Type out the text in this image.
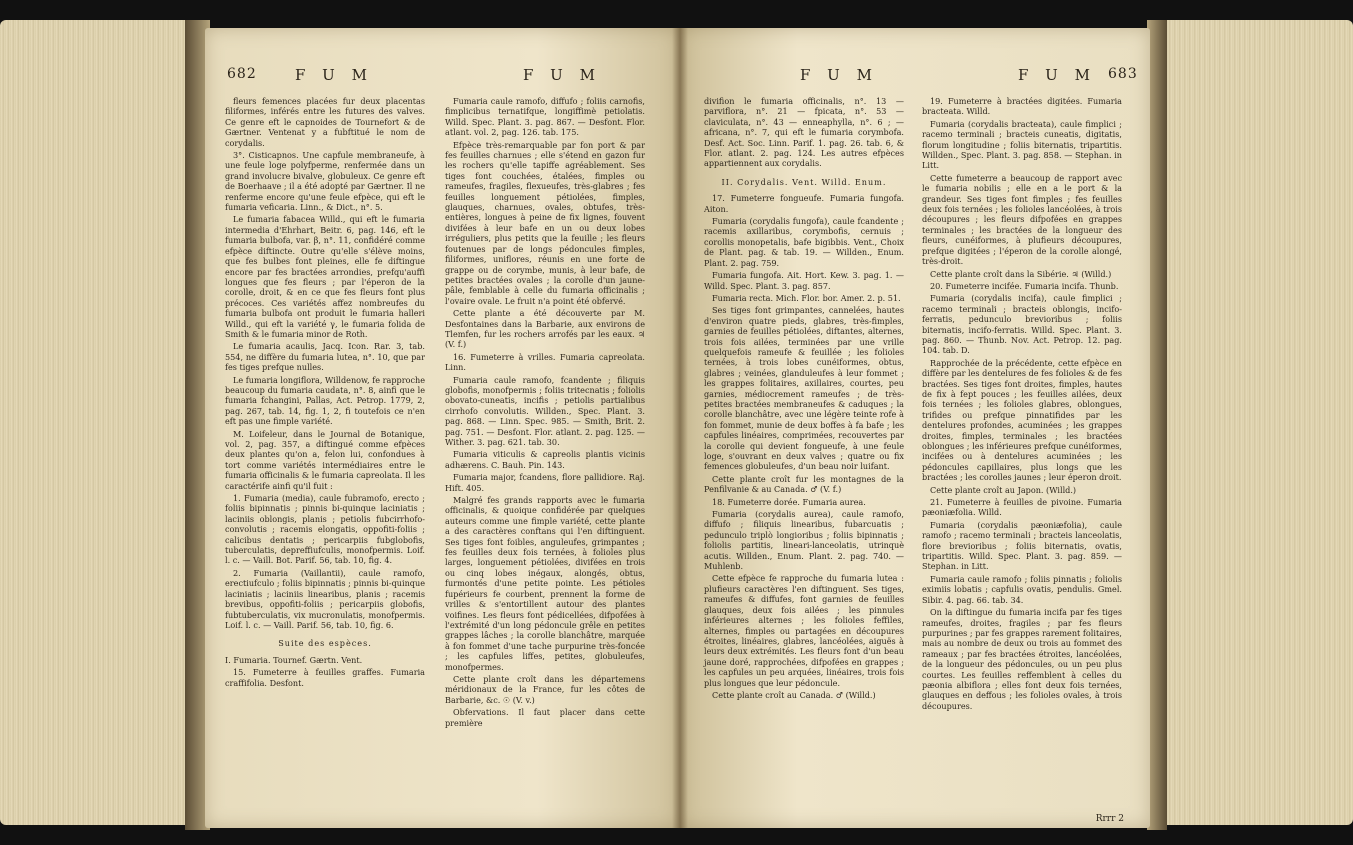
682	F U M	F U M

fleurs femences placées fur deux placentas filiformes, inférés entre les futures des valves. Ce genre eft le capnoides de Tournefort & de Gærtner. Ventenat y a fubftitué le nom de corydalis.

3°. Cisticapnos. Une capfule membraneufe, à une feule loge polyfperme, renfermée dans un grand involucre bivalve, globuleux. Ce genre eft de Boerhaave ; il a été adopté par Gærtner. Il ne renferme encore qu'une feule efpèce, qui eft le fumaria veficaria. Linn., & Dict., n°. 5.

Le fumaria fabacea Willd., qui eft le fumaria intermedia d'Ehrhart, Beitr. 6, pag. 146, eft le fumaria bulbofa, var. β, n°. 11, confidéré comme efpèce diftincte. Outre qu'elle s'élève moins, que fes bulbes font pleines, elle fe diftingue encore par fes bractées arrondies, prefqu'auffi longues que fes fleurs ; par l'éperon de la corolle, droit, & en ce que fes fleurs font plus précoces. Ces variétés affez nombreufes du fumaria bulbofa ont produit le fumaria halleri Willd., qui eft la variété γ, le fumaria folida de Smith & le fumaria minor de Roth.

Le fumaria acaulis, Jacq. Icon. Rar. 3, tab. 554, ne diffère du fumaria lutea, n°. 10, que par fes tiges prefque nulles.

Le fumaria longiflora, Willdenow, fe rapproche beaucoup du fumaria caudata, n°. 8, ainfi que le fumaria fchangini, Pallas, Act. Petrop. 1779, 2, pag. 267, tab. 14, fig. 1, 2, fi toutefois ce n'en eft pas une fimple variété.

M. Loifeleur, dans le Journal de Botanique, vol. 2, pag. 357, a diftingué comme efpèces deux plantes qu'on a, felon lui, confondues à tort comme variétés intermédiaires entre le fumaria officinalis & le fumaria capreolata. Il les caractérife ainfi qu'il fuit :

1. Fumaria (media), caule fubramofo, erecto ; foliis bipinnatis ; pinnis bi-quinque laciniatis ; laciniis oblongis, planis ; petiolis fubcirrhofo-convolutis ; racemis elongatis, oppofiti-foliis ; calicibus dentatis ; pericarpiis fubglobofis, tuberculatis, depreffiufculis, monofpermis. Loif. l. c. — Vaill. Bot. Parif. 56, tab. 10, fig. 4.

2. Fumaria (Vaillantii), caule ramofo, erectiufculo ; foliis bipinnatis ; pinnis bi-quinque laciniatis ; laciniis linearibus, planis ; racemis brevibus, oppofiti-foliis ; pericarpiis globofis, fubtuberculatis, vix mucronulatis, monofpermis. Loif. l. c. — Vaill. Parif. 56, tab. 10, fig. 6.

Suite des espèces.

I. Fumaria. Tournef. Gærtn. Vent.

15. Fumeterre à feuilles graffes. Fumaria craffifolia. Desfont.

Fumaria caule ramofo, diffufo ; foliis carnofis, fimplicibus ternatifque, longiffimè petiolatis. Willd. Spec. Plant. 3. pag. 867. — Desfont. Flor. atlant. vol. 2, pag. 126. tab. 175.

Efpèce très-remarquable par fon port & par fes feuilles charnues ; elle s'étend en gazon fur les rochers qu'elle tapiffe agréablement. Ses tiges font couchées, étalées, fimples ou rameufes, fragiles, flexueufes, très-glabres ; fes feuilles longuement pétiolées, fimples, glauques, charnues, ovales, obtufes, très-entières, longues à peine de fix lignes, fouvent divifées à leur bafe en un ou deux lobes irréguliers, plus petits que la feuille ; les fleurs foutenues par de longs pédoncules fimples, filiformes, uniflores, réunis en une forte de grappe ou de corymbe, munis, à leur bafe, de petites bractées ovales ; la corolle d'un jaune-pâle, femblable à celle du fumaria officinalis ; l'ovaire ovale. Le fruit n'a point été obfervé.

Cette plante a été découverte par M. Desfontaines dans la Barbarie, aux environs de Tlemfen, fur les rochers arrofés par les eaux. ♃ (V. f.)

16. Fumeterre à vrilles. Fumaria capreolata. Linn.

Fumaria caule ramofo, fcandente ; filiquis globofis, monofpermis ; foliis tritecnatis ; foliolis obovato-cuneatis, incifis ; petiolis partialibus cirrhofo convolutis. Willden., Spec. Plant. 3. pag. 868. — Linn. Spec. 985. — Smith, Brit. 2. pag. 751. — Desfont. Flor. atlant. 2. pag. 125. — Wither. 3. pag. 621. tab. 30.

Fumaria viticulis & capreolis plantis vicinis adhærens. C. Bauh. Pin. 143.

Fumaria major, fcandens, flore pallidiore. Raj. Hift. 405.

Malgré fes grands rapports avec le fumaria officinalis, & quoique confidérée par quelques auteurs comme une fimple variété, cette plante a des caractères conftans qui l'en diftinguent. Ses tiges font foibles, anguleufes, grimpantes ; fes feuilles deux fois ternées, à folioles plus larges, longuement pétiolées, divifées en trois ou cinq lobes inégaux, alongés, obtus, furmontés d'une petite pointe. Les pétioles fupérieurs fe courbent, prennent la forme de vrilles & s'entortillent autour des plantes voifines. Les fleurs font pédicellées, difpofées à l'extrémité d'un long pédoncule grêle en petites grappes lâches ; la corolle blanchâtre, marquée à fon fommet d'une tache purpurine très-foncée ; les capfules liffes, petites, globuleufes, monofpermes.

Cette plante croît dans les départemens méridionaux de la France, fur les côtes de Barbarie, &c. ☉ (V. v.)

Obfervations. Il faut placer dans cette première

F U M	F U M 683

divifion le fumaria officinalis, n°. 13 — parviflora, n°. 21 — fpicata, n°. 53 — claviculata, n°. 43 — enneaphylla, n°. 6 ; — africana, n°. 7, qui eft le fumaria corymbofa. Desf. Act. Soc. Linn. Parif. 1. pag. 26. tab. 6, & Flor. atlant. 2. pag. 124. Les autres efpèces appartiennent aux corydalis.

II. Corydalis. Vent. Willd. Enum.

17. Fumeterre fongueufe. Fumaria fungofa. Aiton.

Fumaria (corydalis fungofa), caule fcandente ; racemis axillaribus, corymbofis, cernuis ; corollis monopetalis, bafe bigibbis. Vent., Choix de Plant. pag. & tab. 19. — Willden., Enum. Plant. 2. pag. 759.

Fumaria fungofa. Ait. Hort. Kew. 3. pag. 1. — Willd. Spec. Plant. 3. pag. 857.

Fumaria recta. Mich. Flor. bor. Amer. 2. p. 51.

Ses tiges font grimpantes, cannelées, hautes d'environ quatre pieds, glabres, très-fimples, garnies de feuilles pétiolées, diftantes, alternes, trois fois ailées, terminées par une vrille quelquefois rameufe & feuillée ; les folioles ternées, à trois lobes cunéiformes, obtus, glabres ; veinées, glanduleufes à leur fommet ; les grappes folitaires, axillaires, courtes, peu garnies, médiocrement rameufes ; de très-petites bractées membraneufes & caduques ; la corolle blanchâtre, avec une légère teinte rofe à fon fommet, munie de deux boffes à fa bafe ; les capfules linéaires, comprimées, recouvertes par la corolle qui devient fongueufe, à une feule loge, s'ouvrant en deux valves ; quatre ou fix femences globuleufes, d'un beau noir luifant.

Cette plante croît fur les montagnes de la Penfilvanie & au Canada. ♂ (V. f.)

18. Fumeterre dorée. Fumaria aurea.

Fumaria (corydalis aurea), caule ramofo, diffufo ; filiquis linearibus, fubarcuatis ; pedunculo triplò longioribus ; foliis bipinnatis ; foliolis partitis, lineari-lanceolatis, utrinquè acutis. Willden., Enum. Plant. 2. pag. 740. — Muhlenb.

Cette efpèce fe rapproche du fumaria lutea : plufieurs caractères l'en diftinguent. Ses tiges, rameufes & diffufes, font garnies de feuilles glauques, deux fois ailées ; les pinnules inférieures alternes ; les folioles feffiles, alternes, fimples ou partagées en découpures étroites, linéaires, glabres, lancéolées, aiguës à leurs deux extrémités. Les fleurs font d'un beau jaune doré, rapprochées, difpofées en grappes ; les capfules un peu arquées, linéaires, trois fois plus longues que leur pédoncule.

Cette plante croît au Canada. ♂ (Willd.)

19. Fumeterre à bractées digitées. Fumaria bracteata. Willd.

Fumaria (corydalis bracteata), caule fimplici ; racemo terminali ; bracteis cuneatis, digitatis, florum longitudine ; foliis biternatis, tripartitis. Willden., Spec. Plant. 3. pag. 858. — Stephan. in Litt.

Cette fumeterre a beaucoup de rapport avec le fumaria nobilis ; elle en a le port & la grandeur. Ses tiges font fimples ; fes feuilles deux fois ternées ; les folioles lancéolées, à trois découpures ; les fleurs difpofées en grappes terminales ; les bractées de la longueur des fleurs, cunéiformes, à plufieurs découpures, prefque digitées ; l'éperon de la corolle alongé, très-droit.

Cette plante croît dans la Sibérie. ♃ (Willd.)

20. Fumeterre incifée. Fumaria incifa. Thunb.

Fumaria (corydalis incifa), caule fimplici ; racemo terminali ; bracteis oblongis, incifo-ferratis, pedunculo brevioribus ; foliis biternatis, incifo-ferratis. Willd. Spec. Plant. 3. pag. 860. — Thunb. Nov. Act. Petrop. 12. pag. 104. tab. D.

Rapprochée de la précédente, cette efpèce en diffère par les dentelures de fes folioles & de fes bractées. Ses tiges font droites, fimples, hautes de fix à fept pouces ; les feuilles ailées, deux fois ternées ; les folioles glabres, oblongues, trifides ou prefque pinnatifides par les dentelures profondes, acuminées ; les grappes droites, fimples, terminales ; les bractées oblongues ; les inférieures prefque cunéiformes, incifées ou à dentelures acuminées ; les pédoncules capillaires, plus longs que les bractées ; les corolles jaunes ; leur éperon droit.

Cette plante croît au Japon. (Willd.)

21. Fumeterre à feuilles de pivoine. Fumaria pæoniæfolia. Willd.

Fumaria (corydalis pæoniæfolia), caule ramofo ; racemo terminali ; bracteis lanceolatis, flore brevioribus ; foliis biternatis, ovatis, tripartitis. Willd. Spec. Plant. 3. pag. 859. — Stephan. in Litt.

Fumaria caule ramofo ; foliis pinnatis ; foliolis eximiis lobatis ; capfulis ovatis, pendulis. Gmel. Sibir. 4. pag. 66. tab. 34.

On la diftingue du fumaria incifa par fes tiges rameufes, droites, fragiles ; par fes fleurs purpurines ; par fes grappes rarement folitaires, mais au nombre de deux ou trois au fommet des rameaux ; par fes bractées étroites, lancéolées, de la longueur des pédoncules, ou un peu plus courtes. Les feuilles reffemblent à celles du pæonia albiflora ; elles font deux fois ternées, glauques en deffous ; les folioles ovales, à trois découpures.

Rrrr 2
